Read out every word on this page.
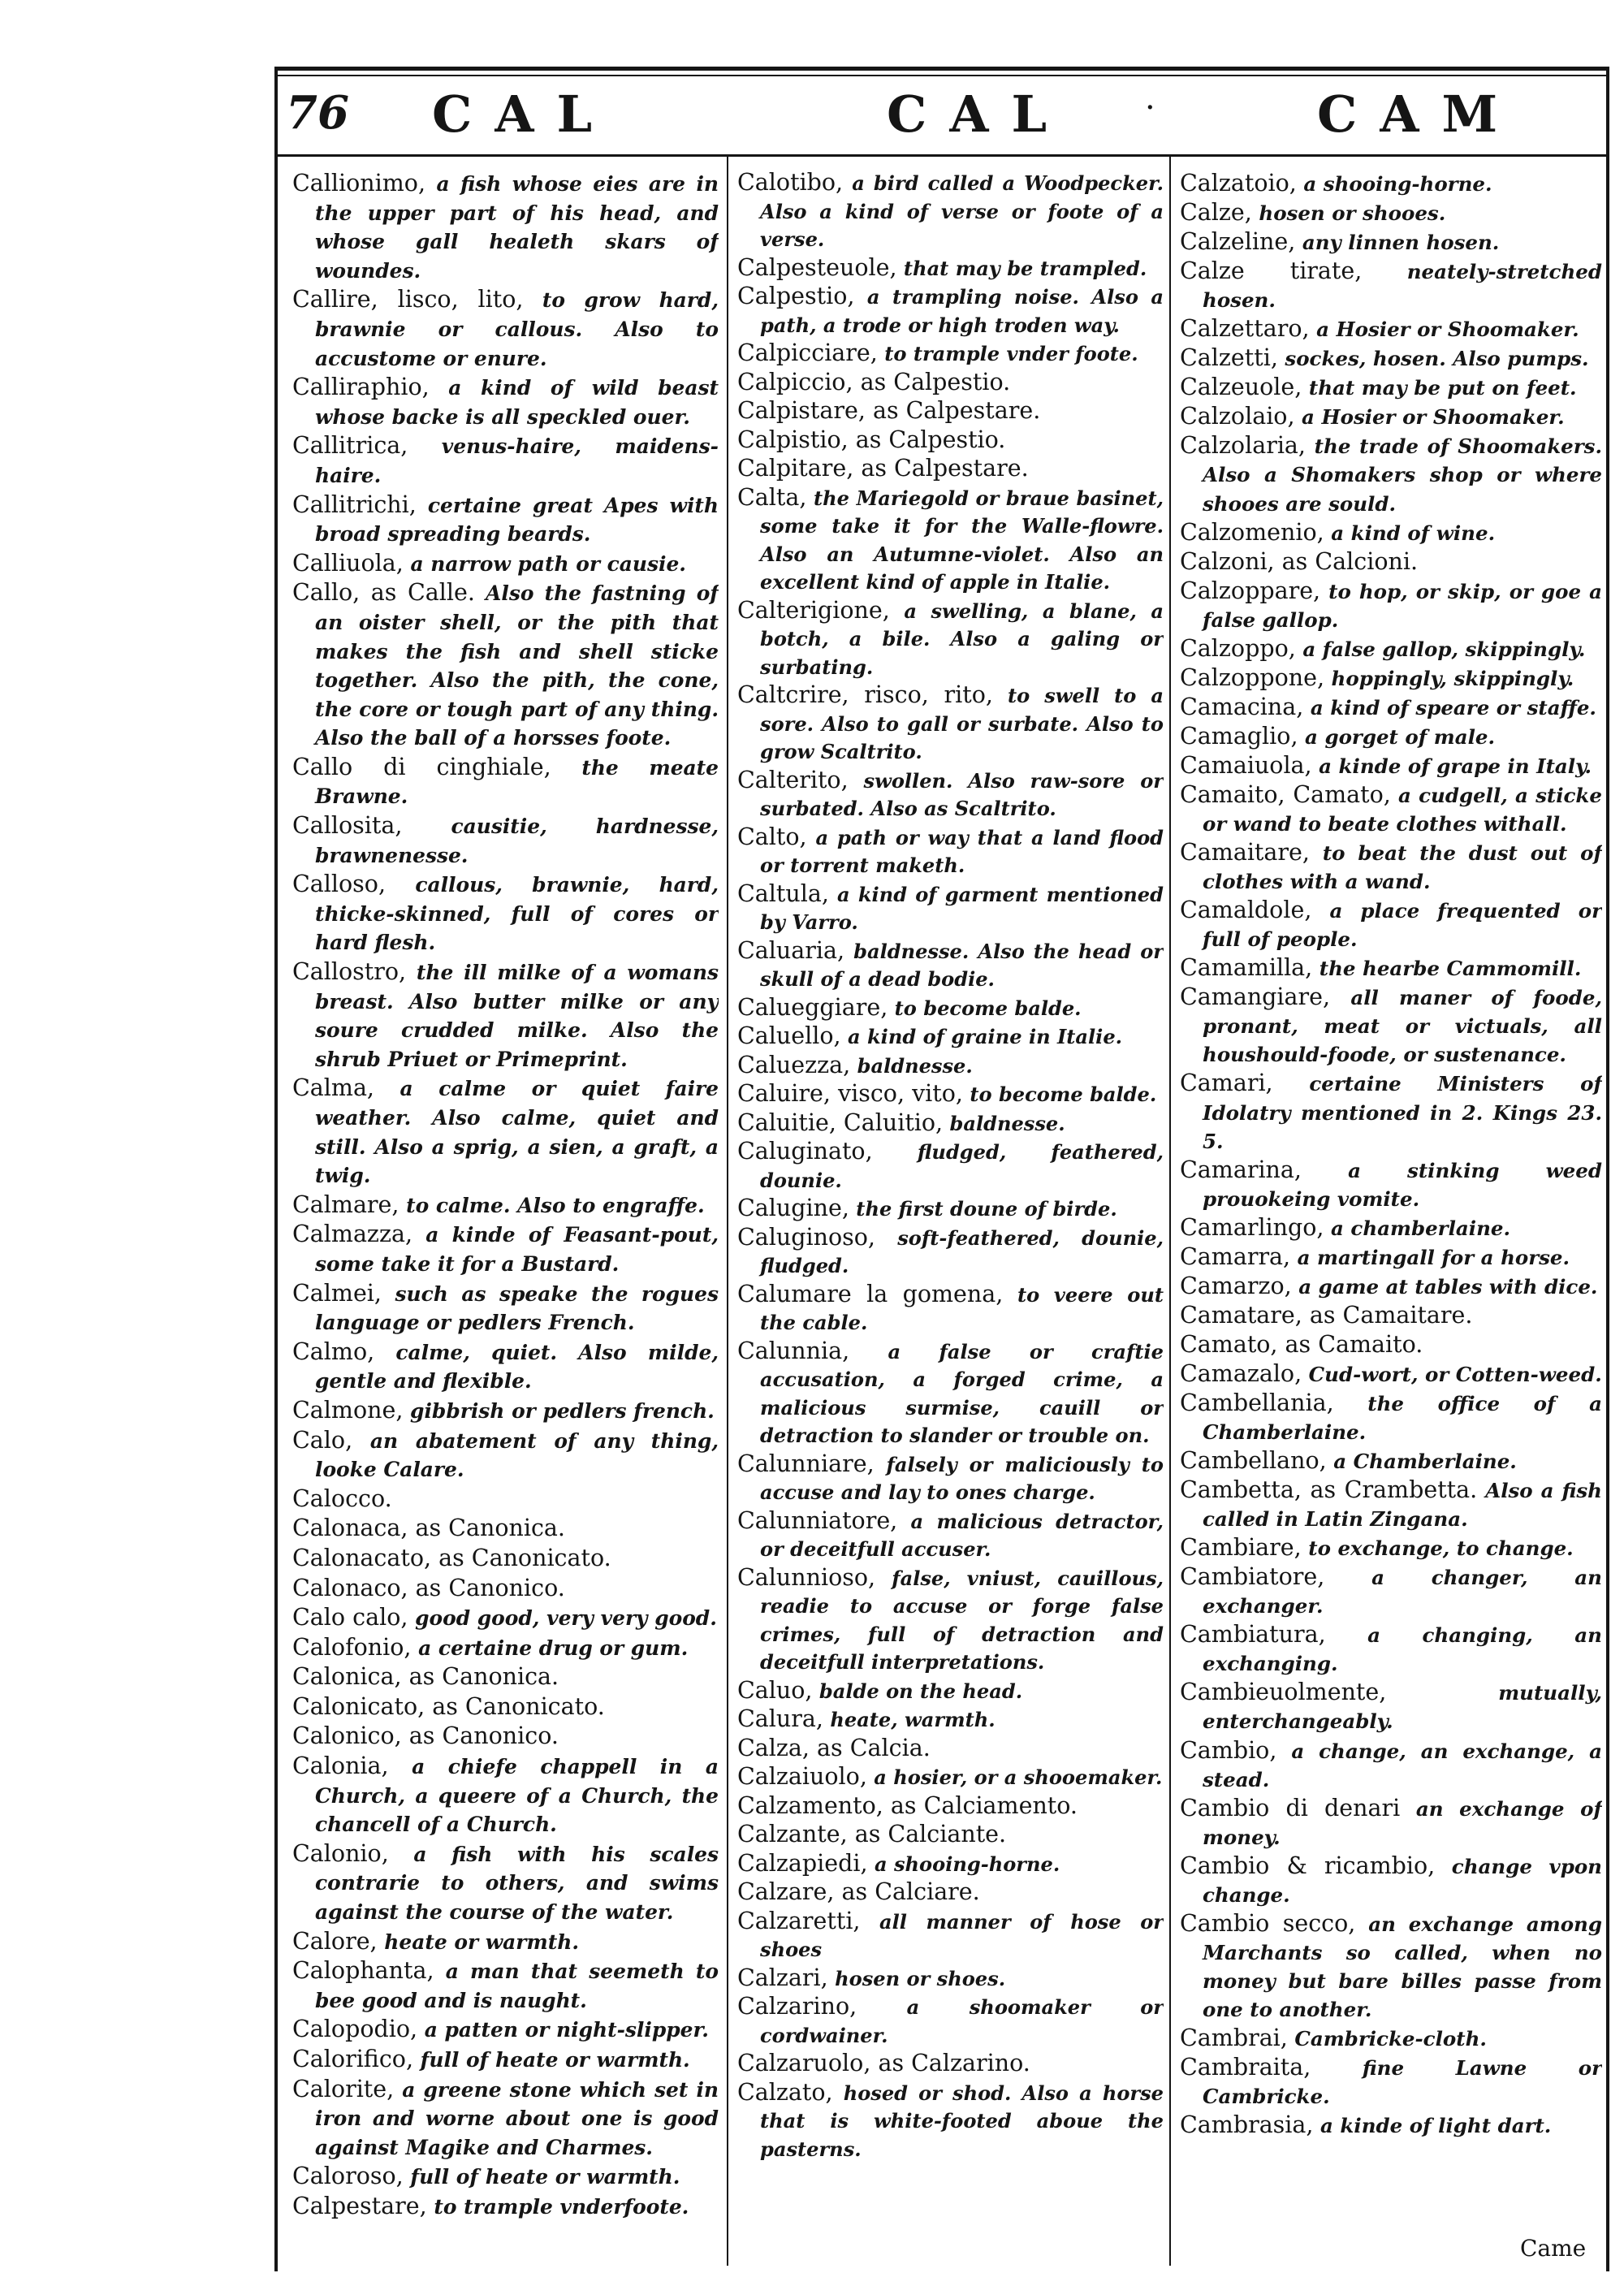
76 CAL	CAL ·	CAM
Callionimo, a fish whose eies are in the upper part of his head, and whose gall healeth skars of woundes.
Callire, lisco, lito, to grow hard, brawnie or callous. Also to accustome or enure.
Calliraphio, a kind of wild beast whose backe is all speckled ouer.
Callitrica, venus-haire, maidens-haire.
Callitrichi, certaine great Apes with broad spreading beards.
Calliuola, a narrow path or causie.
Callo, as Calle. Also the fastning of an oister shell, or the pith that makes the fish and shell sticke together. Also the pith, the cone, the core or tough part of any thing. Also the ball of a horsses foote.
Callo di cinghiale, the meate Brawne.
Callosita, causitie, hardnesse, brawnenesse.
Calloso, callous, brawnie, hard, thicke-skinned, full of cores or hard flesh.
Callostro, the ill milke of a womans breast. Also butter milke or any soure crudded milke. Also the shrub Priuet or Primeprint.
Calma, a calme or quiet faire weather. Also calme, quiet and still. Also a sprig, a sien, a graft, a twig.
Calmare, to calme. Also to engraffe.
Calmazza, a kinde of Feasant-pout, some take it for a Bustard.
Calmei, such as speake the rogues language or pedlers French.
Calmo, calme, quiet. Also milde, gentle and flexible.
Calmone, gibbrish or pedlers french.
Calo, an abatement of any thing, looke Calare.
Calocco.
Calonaca, as Canonica.
Calonacato, as Canonicato.
Calonaco, as Canonico.
Calo calo, good good, very very good.
Calofonio, a certaine drug or gum.
Calonica, as Canonica.
Calonicato, as Canonicato.
Calonico, as Canonico.
Calonia, a chiefe chappell in a Church, a queere of a Church, the chancell of a Church.
Calonio, a fish with his scales contrarie to others, and swims against the course of the water.
Calore, heate or warmth.
Calophanta, a man that seemeth to bee good and is naught.
Calopodio, a patten or night-slipper.
Calorifico, full of heate or warmth.
Calorite, a greene stone which set in iron and worne about one is good against Magike and Charmes.
Caloroso, full of heate or warmth.
Calpestare, to trample vnderfoote.
Calotibo, a bird called a Woodpecker. Also a kind of verse or foote of a verse.
Calpesteuole, that may be trampled.
Calpestio, a trampling noise. Also a path, a trode or high troden way.
Calpicciare, to trample vnder foote.
Calpiccio, as Calpestio.
Calpistare, as Calpestare.
Calpistio, as Calpestio.
Calpitare, as Calpestare.
Calta, the Mariegold or braue basinet, some take it for the Walle-flowre. Also an Autumne-violet. Also an excellent kind of apple in Italie.
Calterigione, a swelling, a blane, a botch, a bile. Also a galing or surbating.
Caltcrire, risco, rito, to swell to a sore. Also to gall or surbate. Also to grow Scaltrito.
Calterito, swollen. Also raw-sore or surbated. Also as Scaltrito.
Calto, a path or way that a land flood or torrent maketh.
Caltula, a kind of garment mentioned by Varro.
Caluaria, baldnesse. Also the head or skull of a dead bodie.
Calueggiare, to become balde.
Caluello, a kind of graine in Italie.
Caluezza, baldnesse.
Caluire, visco, vito, to become balde.
Caluitie, Caluitio, baldnesse.
Caluginato, fludged, feathered, dounie.
Calugine, the first doune of birde.
Caluginoso, soft-feathered, dounie, fludged.
Calumare la gomena, to veere out the cable.
Calunnia, a false or craftie accusation, a forged crime, a malicious surmise, cauill or detraction to slander or trouble on.
Calunniare, falsely or maliciously to accuse and lay to ones charge.
Calunniatore, a malicious detractor, or deceitfull accuser.
Calunnioso, false, vniust, cauillous, readie to accuse or forge false crimes, full of detraction and deceitfull interpretations.
Caluo, balde on the head.
Calura, heate, warmth.
Calza, as Calcia.
Calzaiuolo, a hosier, or a shooemaker.
Calzamento, as Calciamento.
Calzante, as Calciante.
Calzapiedi, a shooing-horne.
Calzare, as Calciare.
Calzaretti, all manner of hose or shoes
Calzari, hosen or shoes.
Calzarino, a shoomaker or cordwainer.
Calzaruolo, as Calzarino.
Calzato, hosed or shod. Also a horse that is white-footed aboue the pasterns.
Calzatoio, a shooing-horne.
Calze, hosen or shooes.
Calzeline, any linnen hosen.
Calze tirate, neately-stretched hosen.
Calzettaro, a Hosier or Shoomaker.
Calzetti, sockes, hosen. Also pumps.
Calzeuole, that may be put on feet.
Calzolaio, a Hosier or Shoomaker.
Calzolaria, the trade of Shoomakers. Also a Shomakers shop or where shooes are sould.
Calzomenio, a kind of wine.
Calzoni, as Calcioni.
Calzoppare, to hop, or skip, or goe a false gallop.
Calzoppo, a false gallop, skippingly.
Calzoppone, hoppingly, skippingly.
Camacina, a kind of speare or staffe.
Camaglio, a gorget of male.
Camaiuola, a kinde of grape in Italy.
Camaito, Camato, a cudgell, a sticke or wand to beate clothes withall.
Camaitare, to beat the dust out of clothes with a wand.
Camaldole, a place frequented or full of people.
Camamilla, the hearbe Cammomill.
Camangiare, all maner of foode, pronant, meat or victuals, all houshould-foode, or sustenance.
Camari, certaine Ministers of Idolatry mentioned in 2. Kings 23. 5.
Camarina, a stinking weed prouokeing vomite.
Camarlingo, a chamberlaine.
Camarra, a martingall for a horse.
Camarzo, a game at tables with dice.
Camatare, as Camaitare.
Camato, as Camaito.
Camazalo, Cud-wort, or Cotten-weed.
Cambellania, the office of a Chamberlaine.
Cambellano, a Chamberlaine.
Cambetta, as Crambetta. Also a fish called in Latin Zingana.
Cambiare, to exchange, to change.
Cambiatore, a changer, an exchanger.
Cambiatura, a changing, an exchanging.
Cambieuolmente, mutually, enterchangeably.
Cambio, a change, an exchange, a stead.
Cambio di denari an exchange of money.
Cambio & ricambio, change vpon change.
Cambio secco, an exchange among Marchants so called, when no money but bare billes passe from one to another.
Cambrai, Cambricke-cloth.
Cambraita, fine Lawne or Cambricke.
Cambrasia, a kinde of light dart.
Came
